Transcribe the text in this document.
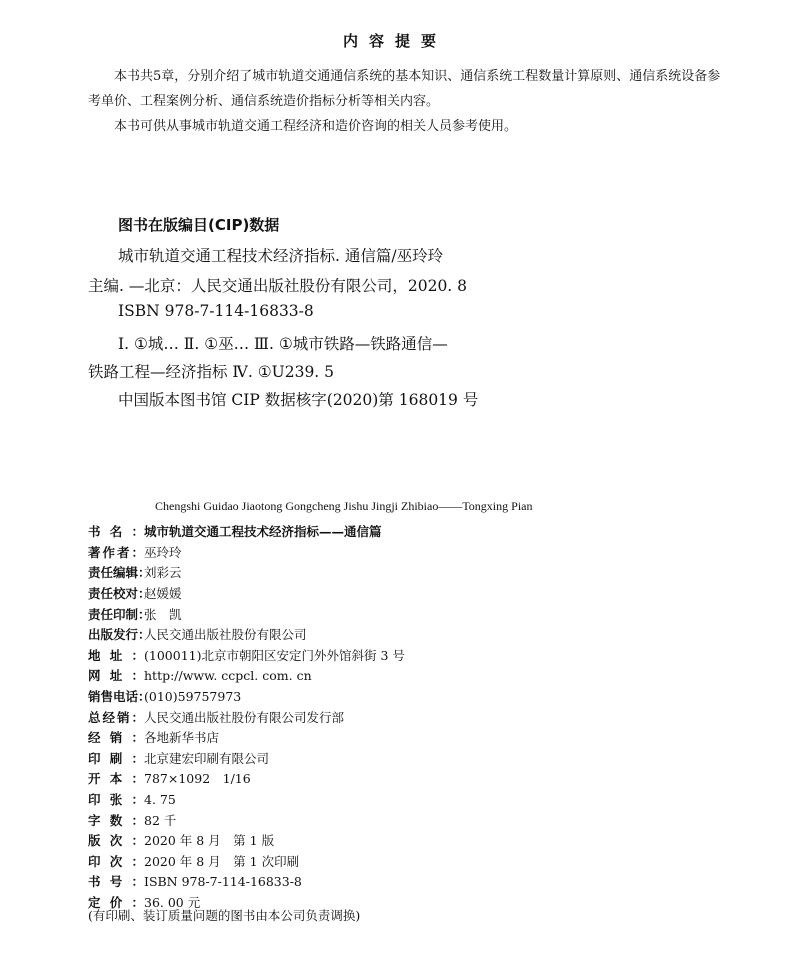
内容提要

本书共5章，分别介绍了城市轨道交通通信系统的基本知识、通信系统工程数量计算原则、通信系统设备参考单价、工程案例分析、通信系统造价指标分析等相关内容。

本书可供从事城市轨道交通工程经济和造价咨询的相关人员参考使用。

图书在版编目(CIP)数据
城市轨道交通工程技术经济指标. 通信篇/巫玲玲
主编. —北京：人民交通出版社股份有限公司，2020. 8
ISBN 978-7-114-16833-8
Ⅰ. ①城… Ⅱ. ①巫… Ⅲ. ①城市铁路—铁路通信—
铁路工程—经济指标 Ⅳ. ①U239. 5
中国版本图书馆 CIP 数据核字(2020)第 168019 号
Chengshi Guidao Jiaotong Gongcheng Jishu Jingji Zhibiao——Tongxing Pian
书名 ：	城市轨道交通工程技术经济指标——通信篇
著作者 ：	巫玲玲
责任编辑 ： 刘彩云
责任校对 ： 赵媛媛
责任印制 ： 张　凯
出版发行 ： 人民交通出版社股份有限公司
地址 ：	(100011)北京市朝阳区安定门外外馆斜街 3 号
网址 ：	http://www. ccpcl. com. cn
销售电话 ： (010)59757973
总经销 ：	人民交通出版社股份有限公司发行部
经销 ：	各地新华书店
印刷 ：	北京建宏印刷有限公司
开本 ：	787×1092　1/16
印张 ：	4. 75
字数 ：	82 千
版次 ：	2020 年 8 月　第 1 版
印次 ：	2020 年 8 月　第 1 次印刷
书号 ：	ISBN 978-7-114-16833-8
定价 ：	36. 00 元
(有印刷、装订质量问题的图书由本公司负责调换)
